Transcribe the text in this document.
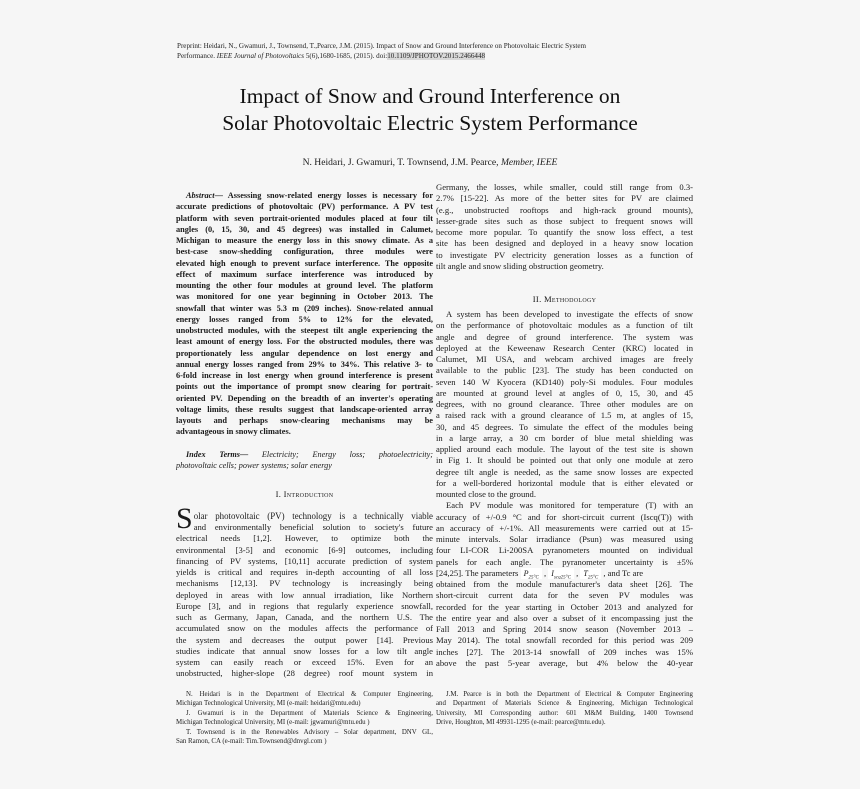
Preprint: Heidari, N., Gwamuri, J., Townsend, T.,Pearce, J.M. (2015). Impact of Snow and Ground Interference on Photovoltaic Electric System
Performance. IEEE Journal of Photovoltaics 5(6),1680-1685, (2015). doi:10.1109/JPHOTOV.2015.2466448
Impact of Snow and Ground Interference on
Solar Photovoltaic Electric System Performance
N. Heidari, J. Gwamuri, T. Townsend, J.M. Pearce, Member, IEEE
Abstract— Assessing snow-related energy losses is necessary for
accurate predictions of photovoltaic (PV) performance. A PV test
platform with seven portrait-oriented modules placed at four tilt
angles (0, 15, 30, and 45 degrees) was installed in Calumet,
Michigan to measure the energy loss in this snowy climate. As a
best-case snow-shedding configuration, three modules were
elevated high enough to prevent surface interference. The opposite
effect of maximum surface interference was introduced by
mounting the other four modules at ground level. The platform
was monitored for one year beginning in October 2013. The
snowfall that winter was 5.3 m (209 inches). Snow-related annual
energy losses ranged from 5% to 12% for the elevated,
unobstructed modules, with the steepest tilt angle experiencing the
least amount of energy loss. For the obstructed modules, there was
proportionately less angular dependence on lost energy and
annual energy losses ranged from 29% to 34%. This relative 3- to
6-fold increase in lost energy when ground interference is present
points out the importance of prompt snow clearing for portrait-
oriented PV. Depending on the breadth of an inverter's operating
voltage limits, these results suggest that landscape-oriented array
layouts and perhaps snow-clearing mechanisms may be
advantageous in snowy climates.
Index Terms— Electricity; Energy loss; photoelectricity;
photovoltaic cells; power systems; solar energy
I. Introduction
S olar photovoltaic (PV) technology is a technically viable
and environmentally beneficial solution to society's future
electrical needs [1,2]. However, to optimize both the
environmental [3-5] and economic [6-9] outcomes, including
financing of PV systems, [10,11] accurate prediction of system
yields is critical and requires in-depth accounting of all loss
mechanisms [12,13]. PV technology is increasingly being
deployed in areas with low annual irradiation, like Northern
Europe [3], and in regions that regularly experience snowfall,
such as Germany, Japan, Canada, and the northern U.S. The
accumulated snow on the modules affects the performance of
the system and decreases the output power [14]. Previous
studies indicate that annual snow losses for a low tilt angle
system can easily reach or exceed 15%. Even for an
unobstructed, higher-slope (28 degree) roof mount system in
Germany, the losses, while smaller, could still range from 0.3-
2.7% [15-22]. As more of the better sites for PV are claimed
(e.g., unobstructed rooftops and high-rack ground mounts),
lesser-grade sites such as those subject to frequent snows will
become more popular. To quantify the snow loss effect, a test
site has been designed and deployed in a heavy snow location
to investigate PV electricity generation losses as a function of
tilt angle and snow sliding obstruction geometry.
II. Methodology
A system has been developed to investigate the effects of snow
on the performance of photovoltaic modules as a function of tilt
angle and degree of ground interference. The system was
deployed at the Keweenaw Research Center (KRC) located in
Calumet, MI USA, and webcam archived images are freely
available to the public [23]. The study has been conducted on
seven 140 W Kyocera (KD140) poly-Si modules. Four modules
are mounted at ground level at angles of 0, 15, 30, and 45
degrees, with no ground clearance. Three other modules are on
a raised rack with a ground clearance of 1.5 m, at angles of 15,
30, and 45 degrees. To simulate the effect of the modules being
in a large array, a 30 cm border of blue metal shielding was
applied around each module. The layout of the test site is shown
in Fig 1. It should be pointed out that only one module at zero
degree tilt angle is needed, as the same snow losses are expected
for a well-bordered horizontal module that is either elevated or
mounted close to the ground.
Each PV module was monitored for temperature (T) with an
accuracy of +/-0.9 °C and for short-circuit current (Iscq(T)) with
an accuracy of +/-1%. All measurements were carried out at 15-
minute intervals. Solar irradiance (Psun) was measured using
four LI-COR Li-200SA pyranometers mounted on individual
panels for each angle. The pyranometer uncertainty is ±5%
[24,25]. The parameters $P_{25^\circ C}$ , $I_{scq25^\circ C}$ , $T_{25^\circ C}$ , and Tc are
obtained from the module manufacturer's data sheet [26]. The
short-circuit current data for the seven PV modules was
recorded for the year starting in October 2013 and analyzed for
the entire year and also over a subset of it encompassing just the
Fall 2013 and Spring 2014 snow season (November 2013 –
May 2014). The total snowfall recorded for this period was 209
inches [27]. The 2013-14 snowfall of 209 inches was 15%
above the past 5-year average, but 4% below the 40-year
N. Heidari is in the Department of Electrical & Computer Engineering,
Michigan Technological University, MI (e-mail: heidari@mtu.edu)
J. Gwamuri is in the Department of Materials Science & Engineering,
Michigan Technological University, MI (e-mail: jgwamuri@mtu.edu )
T. Townsend is in the Renewables Advisory – Solar department, DNV GL,
San Ramon, CA (e-mail: Tim.Townsend@dnvgl.com )
J.M. Pearce is in both the Department of Electrical & Computer Engineering
and Department of Materials Science & Engineering, Michigan Technological
University, MI Corresponding author: 601 M&M Building, 1400 Townsend
Drive, Houghton, MI 49931-1295 (e-mail: pearce@mtu.edu).
